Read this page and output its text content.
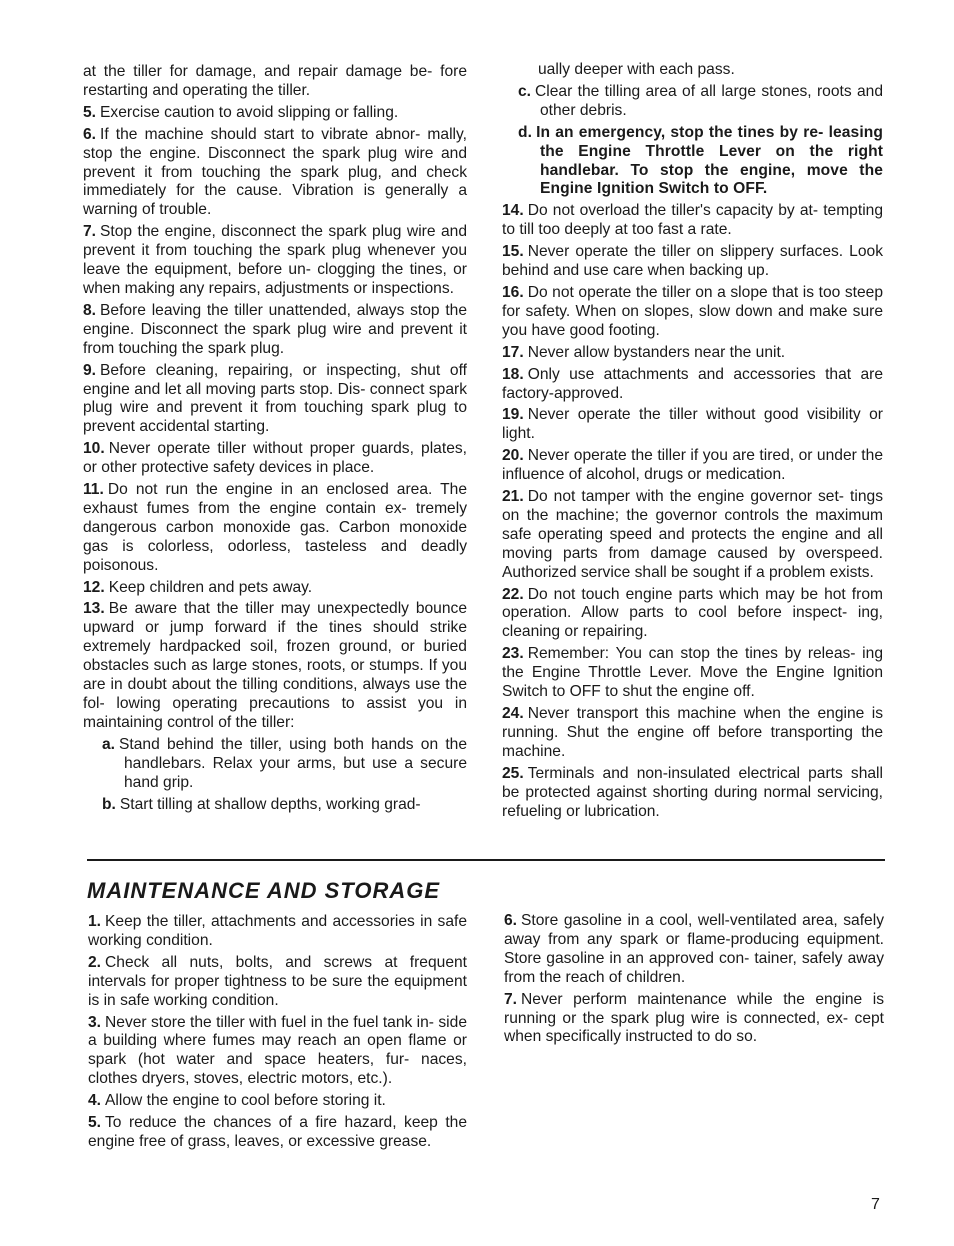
at the tiller for damage, and repair damage be- fore restarting and operating the tiller.

5. Exercise caution to avoid slipping or falling.

6. If the machine should start to vibrate abnor- mally, stop the engine. Disconnect the spark plug wire and prevent it from touching the spark plug, and check immediately for the cause. Vibration is generally a warning of trouble.

7. Stop the engine, disconnect the spark plug wire and prevent it from touching the spark plug whenever you leave the equipment, before un- clogging the tines, or when making any repairs, adjustments or inspections.

8. Before leaving the tiller unattended, always stop the engine. Disconnect the spark plug wire and prevent it from touching the spark plug.

9. Before cleaning, repairing, or inspecting, shut off engine and let all moving parts stop. Dis- connect spark plug wire and prevent it from touching spark plug to prevent accidental starting.

10. Never operate tiller without proper guards, plates, or other protective safety devices in place.

11. Do not run the engine in an enclosed area. The exhaust fumes from the engine contain ex- tremely dangerous carbon monoxide gas. Carbon monoxide gas is colorless, odorless, tasteless and deadly poisonous.

12. Keep children and pets away.

13. Be aware that the tiller may unexpectedly bounce upward or jump forward if the tines should strike extremely hardpacked soil, frozen ground, or buried obstacles such as large stones, roots, or stumps. If you are in doubt about the tilling conditions, always use the fol- lowing operating precautions to assist you in maintaining control of the tiller:

a. Stand behind the tiller, using both hands on the handlebars. Relax your arms, but use a secure hand grip.

b. Start tilling at shallow depths, working grad-

ually deeper with each pass.

c. Clear the tilling area of all large stones, roots and other debris.

d. In an emergency, stop the tines by re- leasing the Engine Throttle Lever on the right handlebar. To stop the engine, move the Engine Ignition Switch to OFF.

14. Do not overload the tiller's capacity by at- tempting to till too deeply at too fast a rate.

15. Never operate the tiller on slippery surfaces. Look behind and use care when backing up.

16. Do not operate the tiller on a slope that is too steep for safety. When on slopes, slow down and make sure you have good footing.

17. Never allow bystanders near the unit.

18. Only use attachments and accessories that are factory-approved.

19. Never operate the tiller without good visibility or light.

20. Never operate the tiller if you are tired, or under the influence of alcohol, drugs or medication.

21. Do not tamper with the engine governor set- tings on the machine; the governor controls the maximum safe operating speed and protects the engine and all moving parts from damage caused by overspeed. Authorized service shall be sought if a problem exists.

22. Do not touch engine parts which may be hot from operation. Allow parts to cool before inspect- ing, cleaning or repairing.

23. Remember: You can stop the tines by releas- ing the Engine Throttle Lever. Move the Engine Ignition Switch to OFF to shut the engine off.

24. Never transport this machine when the engine is running. Shut the engine off before transporting the machine.

25. Terminals and non-insulated electrical parts shall be protected against shorting during normal servicing, refueling or lubrication.

MAINTENANCE AND STORAGE

1. Keep the tiller, attachments and accessories in safe working condition.

2. Check all nuts, bolts, and screws at frequent intervals for proper tightness to be sure the equipment is in safe working condition.

3. Never store the tiller with fuel in the fuel tank in- side a building where fumes may reach an open flame or spark (hot water and space heaters, fur- naces, clothes dryers, stoves, electric motors, etc.).

4. Allow the engine to cool before storing it.

5. To reduce the chances of a fire hazard, keep the engine free of grass, leaves, or excessive grease.

6. Store gasoline in a cool, well-ventilated area, safely away from any spark or flame-producing equipment. Store gasoline in an approved con- tainer, safely away from the reach of children.

7. Never perform maintenance while the engine is running or the spark plug wire is connected, ex- cept when specifically instructed to do so.

7
